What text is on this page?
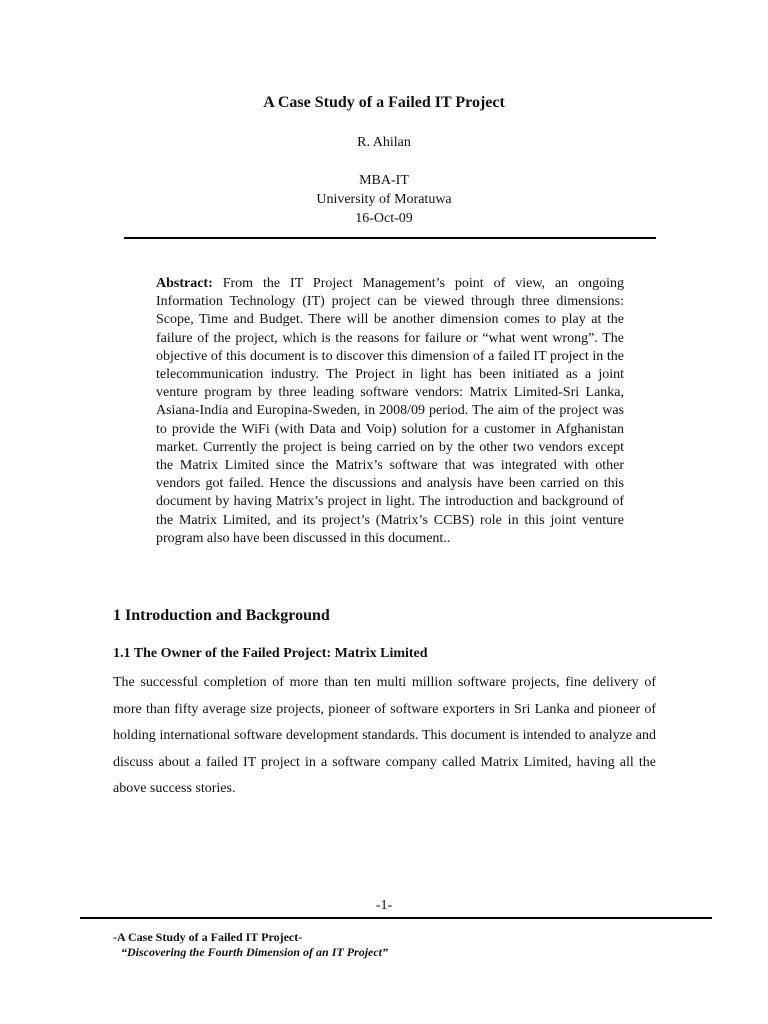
A Case Study of a Failed IT Project
R. Ahilan
MBA-IT
University of Moratuwa
16-Oct-09
Abstract: From the IT Project Management’s point of view, an ongoing Information Technology (IT) project can be viewed through three dimensions: Scope, Time and Budget. There will be another dimension comes to play at the failure of the project, which is the reasons for failure or “what went wrong”. The objective of this document is to discover this dimension of a failed IT project in the telecommunication industry. The Project in light has been initiated as a joint venture program by three leading software vendors: Matrix Limited-Sri Lanka, Asiana-India and Europina-Sweden, in 2008/09 period. The aim of the project was to provide the WiFi (with Data and Voip) solution for a customer in Afghanistan market. Currently the project is being carried on by the other two vendors except the Matrix Limited since the Matrix’s software that was integrated with other vendors got failed. Hence the discussions and analysis have been carried on this document by having Matrix’s project in light. The introduction and background of the Matrix Limited, and its project’s (Matrix’s CCBS) role in this joint venture program also have been discussed in this document..
1 Introduction and Background
1.1 The Owner of the Failed Project: Matrix Limited
The successful completion of more than ten multi million software projects, fine delivery of more than fifty average size projects, pioneer of software exporters in Sri Lanka and pioneer of holding international software development standards. This document is intended to analyze and discuss about a failed IT project in a software company called Matrix Limited, having all the above success stories.
-1-
-A Case Study of a Failed IT Project-
“Discovering the Fourth Dimension of an IT Project”
